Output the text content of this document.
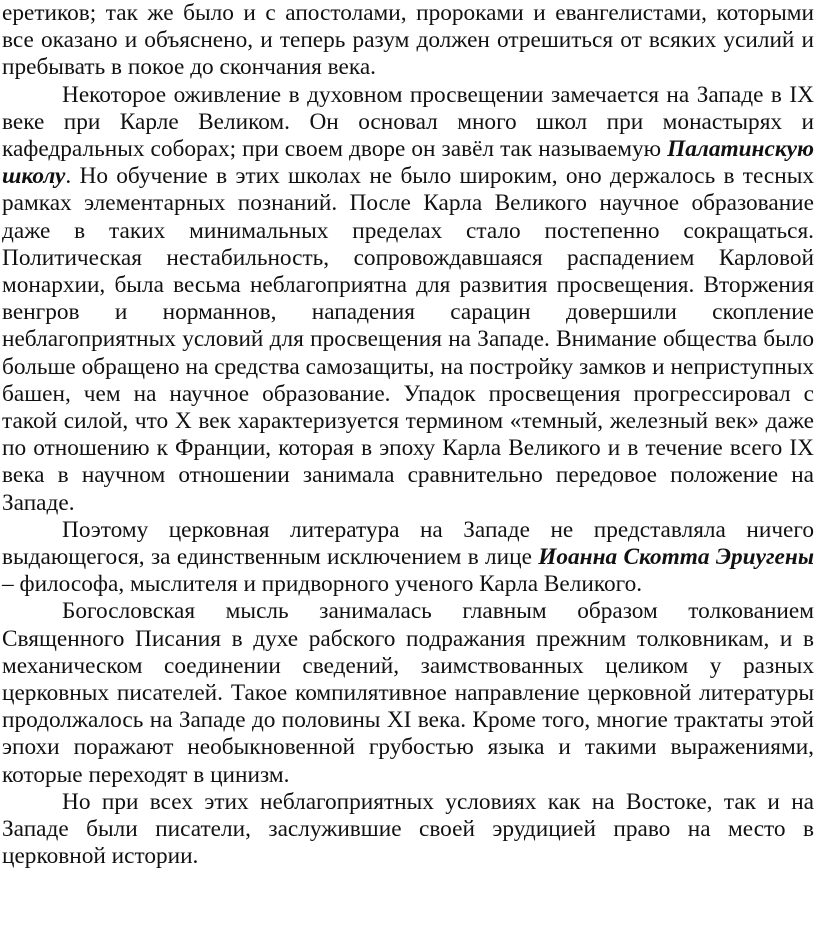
еретиков; так же было и с апостолами, пророками и евангелистами, которыми все оказано и объяснено, и теперь разум должен отрешиться от всяких усилий и пребывать в покое до скончания века.

Некоторое оживление в духовном просвещении замечается на Западе в IX веке при Карле Великом. Он основал много школ при монастырях и кафедральных соборах; при своем дворе он завёл так называемую Палатинскую школу. Но обучение в этих школах не было широким, оно держалось в тесных рамках элементарных познаний. После Карла Великого научное образование даже в таких минимальных пределах стало постепенно сокращаться. Политическая нестабильность, сопровождавшаяся распадением Карловой монархии, была весьма неблагоприятна для развития просвещения. Вторжения венгров и норманнов, нападения сарацин довершили скопление неблагоприятных условий для просвещения на Западе. Внимание общества было больше обращено на средства самозащиты, на постройку замков и неприступных башен, чем на научное образование. Упадок просвещения прогрессировал с такой силой, что X век характеризуется термином «темный, железный век» даже по отношению к Франции, которая в эпоху Карла Великого и в течение всего IX века в научном отношении занимала сравнительно передовое положение на Западе.

Поэтому церковная литература на Западе не представляла ничего выдающегося, за единственным исключением в лице Иоанна Скотта Эриугены – философа, мыслителя и придворного ученого Карла Великого.

Богословская мысль занималась главным образом толкованием Священного Писания в духе рабского подражания прежним толковникам, и в механическом соединении сведений, заимствованных целиком у разных церковных писателей. Такое компилятивное направление церковной литературы продолжалось на Западе до половины XI века. Кроме того, многие трактаты этой эпохи поражают необыкновенной грубостью языка и такими выражениями, которые переходят в цинизм.

Но при всех этих неблагоприятных условиях как на Востоке, так и на Западе были писатели, заслужившие своей эрудицией право на место в церковной истории.
